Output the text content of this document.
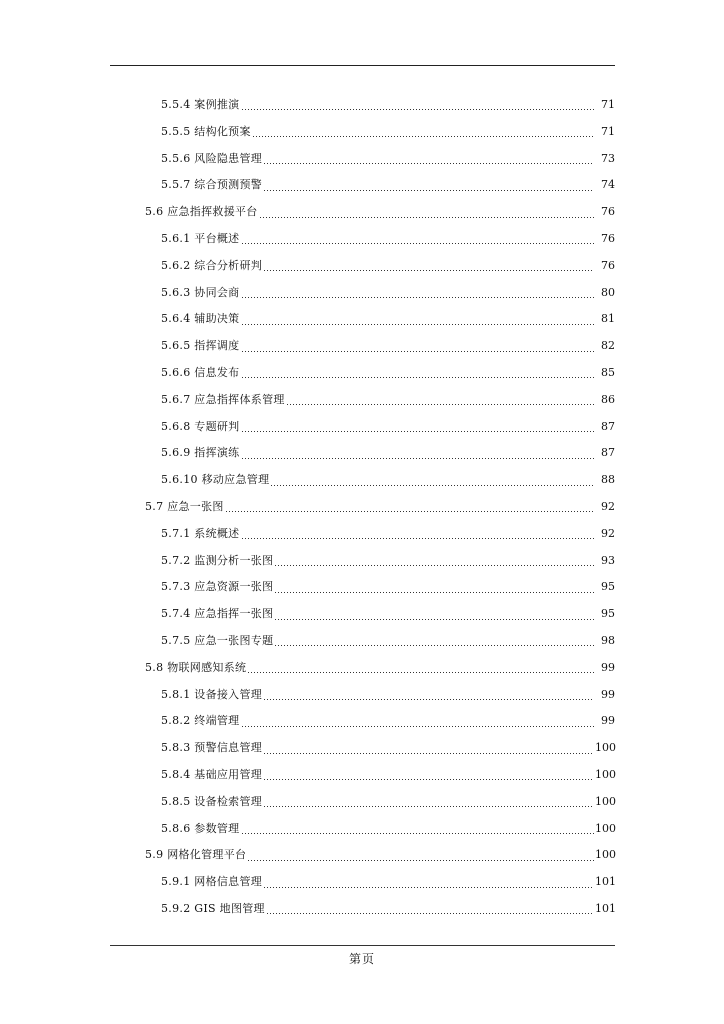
5.5.4 案例推演	71
5.5.5 结构化预案	71
5.5.6 风险隐患管理	73
5.5.7 综合预测预警	74
5.6 应急指挥救援平台	76
5.6.1 平台概述	76
5.6.2 综合分析研判	76
5.6.3 协同会商	80
5.6.4 辅助决策	81
5.6.5 指挥调度	82
5.6.6 信息发布	85
5.6.7 应急指挥体系管理	86
5.6.8 专题研判	87
5.6.9 指挥演练	87
5.6.10 移动应急管理	88
5.7 应急一张图	92
5.7.1 系统概述	92
5.7.2 监测分析一张图	93
5.7.3 应急资源一张图	95
5.7.4 应急指挥一张图	95
5.7.5 应急一张图专题	98
5.8 物联网感知系统	99
5.8.1 设备接入管理	99
5.8.2 终端管理	99
5.8.3 预警信息管理	100
5.8.4 基础应用管理	100
5.8.5 设备检索管理	100
5.8.6 参数管理	100
5.9 网格化管理平台	100
5.9.1 网格信息管理	101
5.9.2 GIS 地图管理	101
第页
